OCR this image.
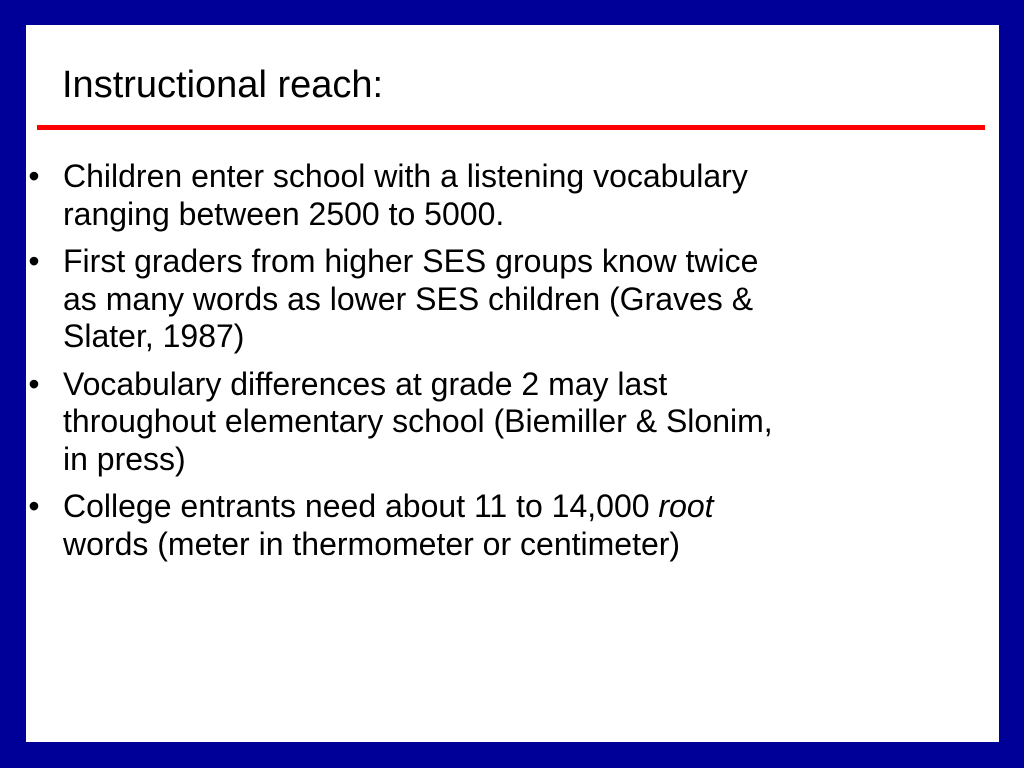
Instructional reach:
• Children enter school with a listening vocabulary
ranging between 2500 to 5000.
• First graders from higher SES groups know twice
as many words as lower SES children (Graves &
Slater, 1987)
• Vocabulary differences at grade 2 may last
throughout elementary school (Biemiller & Slonim,
in press)
• College entrants need about 11 to 14,000 root
words (meter in thermometer or centimeter)
